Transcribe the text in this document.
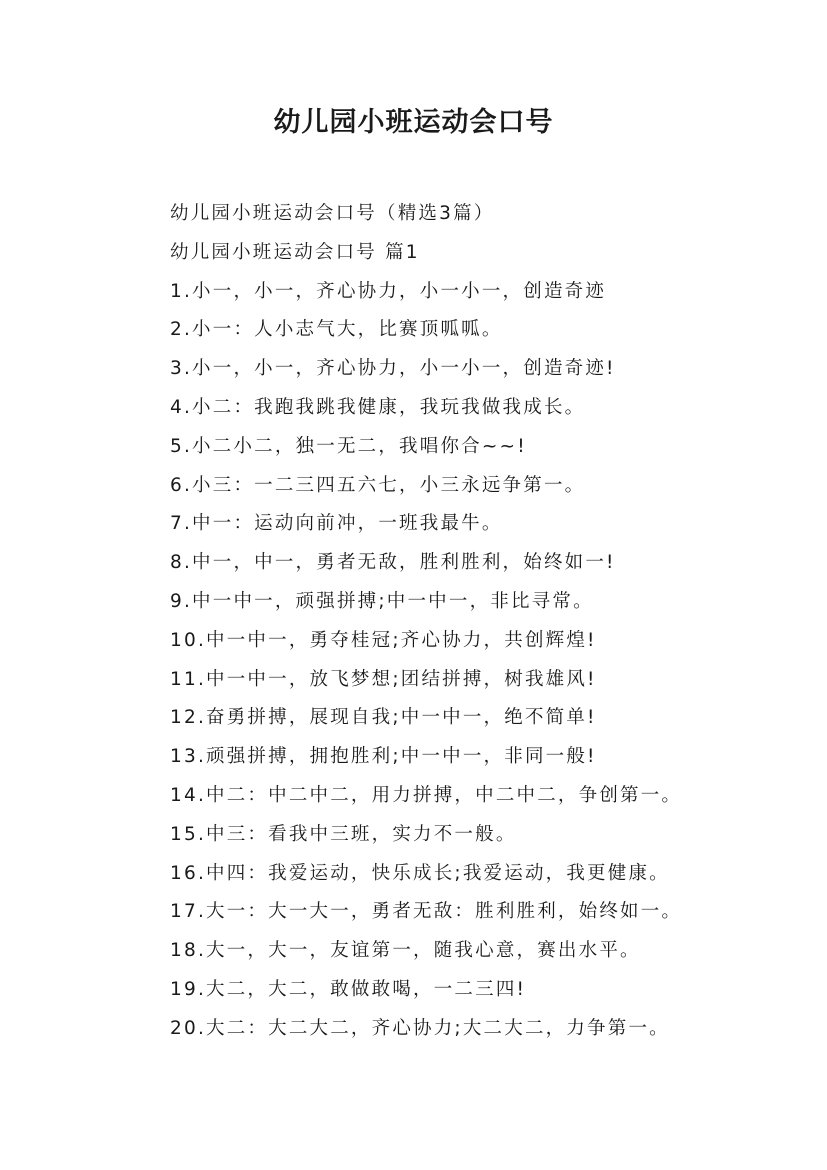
幼儿园小班运动会口号
幼儿园小班运动会口号（精选3篇）
幼儿园小班运动会口号 篇1
1.小一，小一，齐心协力，小一小一，创造奇迹
2.小一：人小志气大，比赛顶呱呱。
3.小一，小一，齐心协力，小一小一，创造奇迹!
4.小二：我跑我跳我健康，我玩我做我成长。
5.小二小二，独一无二，我唱你合~~!
6.小三：一二三四五六七，小三永远争第一。
7.中一：运动向前冲，一班我最牛。
8.中一，中一，勇者无敌，胜利胜利，始终如一!
9.中一中一，顽强拼搏;中一中一，非比寻常。
10.中一中一，勇夺桂冠;齐心协力，共创辉煌!
11.中一中一，放飞梦想;团结拼搏，树我雄风!
12.奋勇拼搏，展现自我;中一中一，绝不简单!
13.顽强拼搏，拥抱胜利;中一中一，非同一般!
14.中二：中二中二，用力拼搏，中二中二，争创第一。
15.中三：看我中三班，实力不一般。
16.中四：我爱运动，快乐成长;我爱运动，我更健康。
17.大一：大一大一，勇者无敌：胜利胜利，始终如一。
18.大一，大一，友谊第一，随我心意，赛出水平。
19.大二，大二，敢做敢喝，一二三四!
20.大二：大二大二，齐心协力;大二大二，力争第一。
